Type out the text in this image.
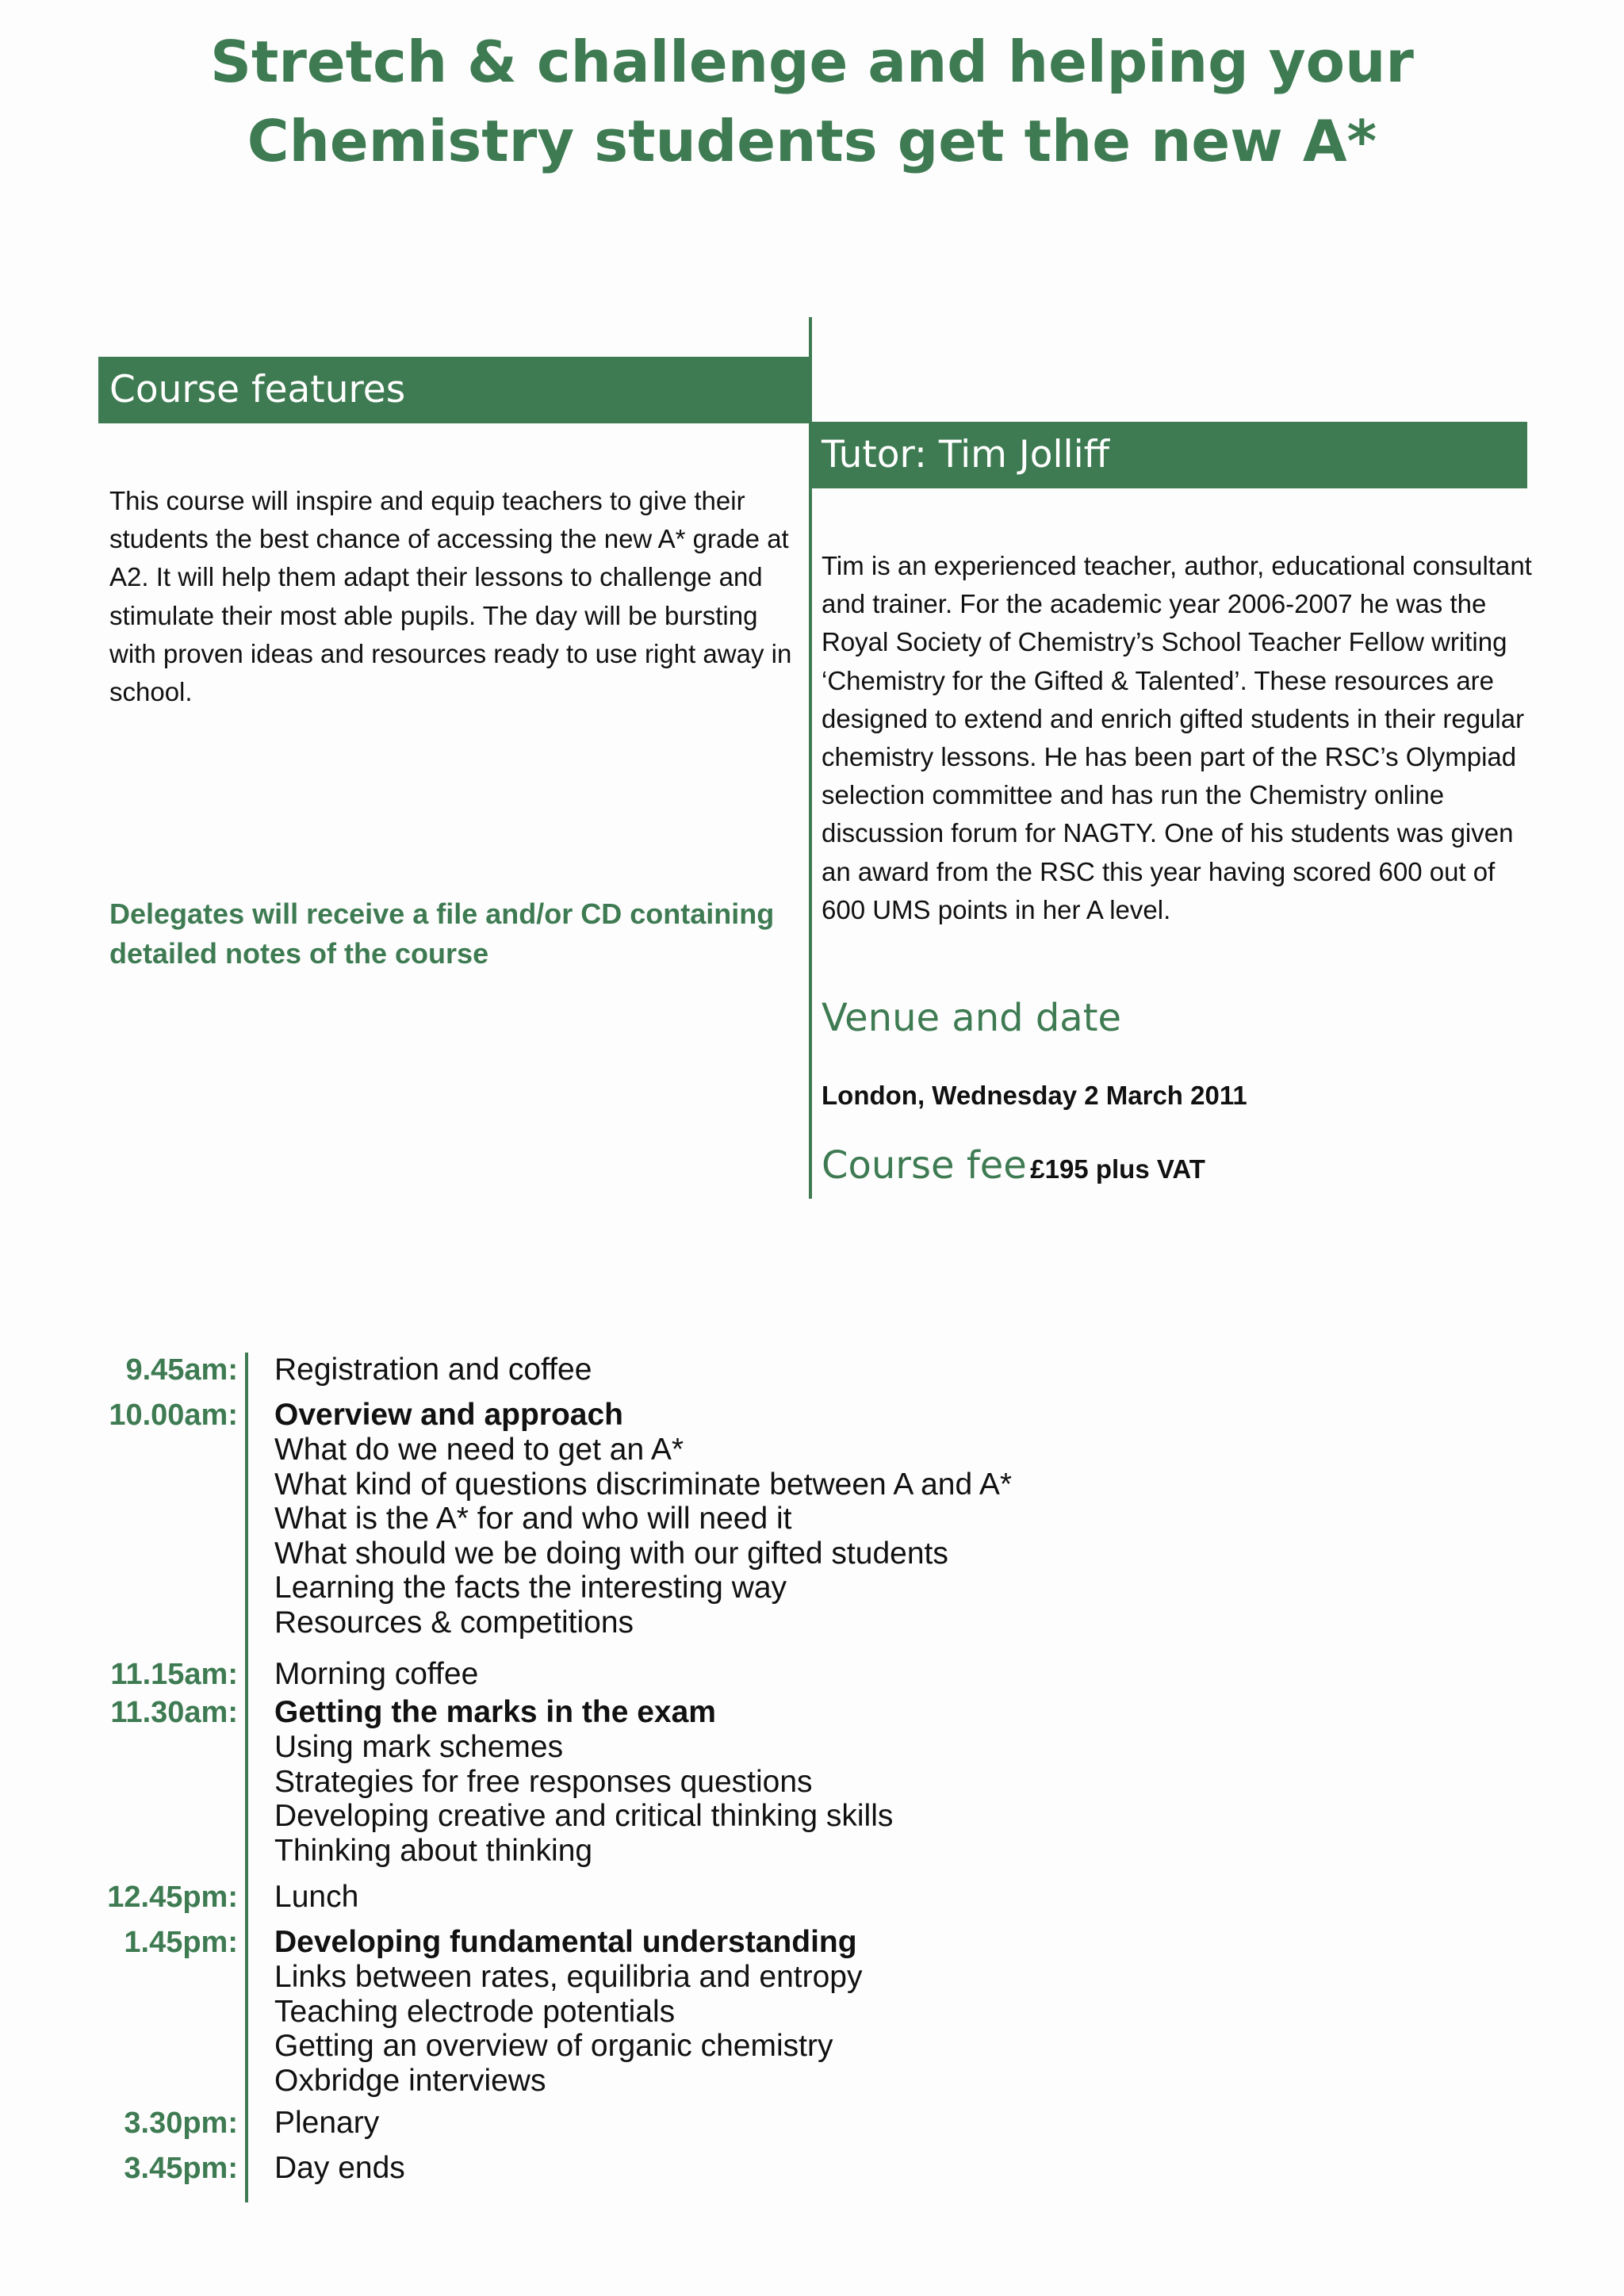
Stretch & challenge and helping your
Chemistry students get the new A*
Course features
This course will inspire and equip teachers to give their students the best chance of accessing the new A* grade at A2. It will help them adapt their lessons to challenge and stimulate their most able pupils. The day will be bursting with proven ideas and resources ready to use right away in school.
Delegates will receive a file and/or CD containing detailed notes of the course
Tutor: Tim Jolliff
Tim is an experienced teacher, author, educational consultant and trainer. For the academic year 2006-2007 he was the Royal Society of Chemistry’s School Teacher Fellow writing ‘Chemistry for the Gifted & Talented’. These resources are designed to extend and enrich gifted students in their regular chemistry lessons. He has been part of the RSC’s Olympiad selection committee and has run the Chemistry online discussion forum for NAGTY. One of his students was given an award from the RSC this year having scored 600 out of 600 UMS points in her A level.
Venue and date
London, Wednesday 2 March 2011
Course fee £195 plus VAT
9.45am: Registration and coffee
10.00am: Overview and approach
What do we need to get an A*
What kind of questions discriminate between A and A*
What is the A* for and who will need it
What should we be doing with our gifted students
Learning the facts the interesting way
Resources & competitions
11.15am: Morning coffee
11.30am: Getting the marks in the exam
Using mark schemes
Strategies for free responses questions
Developing creative and critical thinking skills
Thinking about thinking
12.45pm: Lunch
1.45pm: Developing fundamental understanding
Links between rates, equilibria and entropy
Teaching electrode potentials
Getting an overview of organic chemistry
Oxbridge interviews
3.30pm: Plenary
3.45pm: Day ends
